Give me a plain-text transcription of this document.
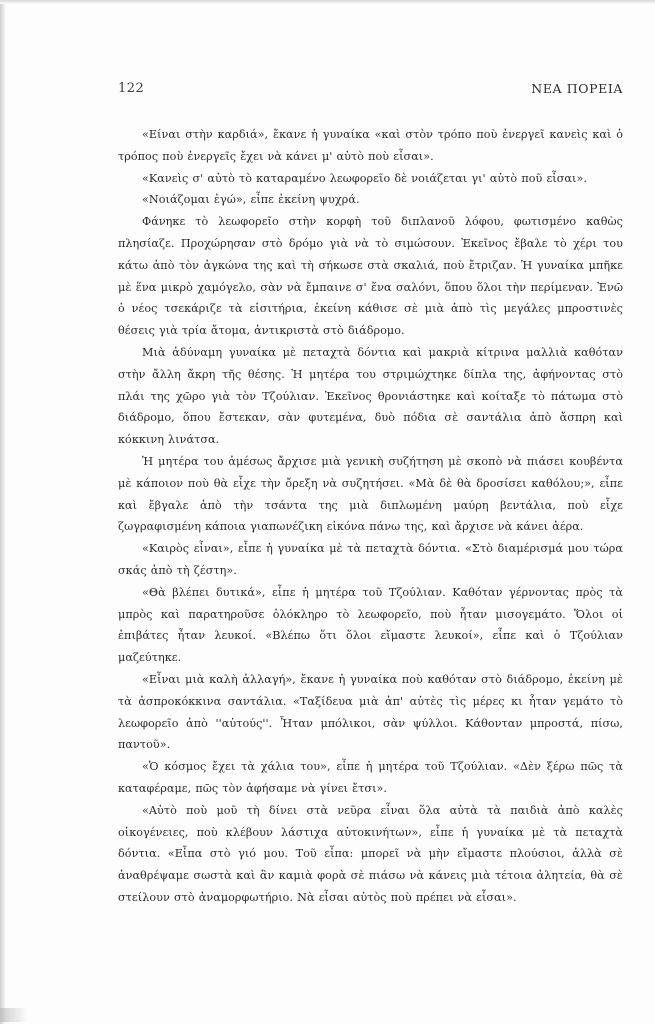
122	ΝΕΑ ΠΟΡΕΙΑ

«Είναι στὴν καρδιά», ἔκανε ἡ γυναίκα «καὶ στὸν τρόπο ποὺ ἐνεργεῖ κανεὶς καὶ ὁ τρόπος ποὺ ἐνεργεῖς ἔχει νὰ κάνει μ' αὐτὸ ποὺ εἶσαι».

«Κανεὶς σ' αὐτὸ τὸ καταραμένο λεωφορεῖο δὲ νοιάζεται γι' αὐτὸ ποῦ εἶσαι».

«Νοιάζομαι ἐγώ», εἶπε ἐκείνη ψυχρά.

Φάνηκε τὸ λεωφορεῖο στὴν κορφὴ τοῦ διπλανοῦ λόφου, φωτισμένο καθὼς πλησίαζε. Προχώρησαν στὸ δρόμο γιὰ νὰ τὸ σιμώσουν. Ἐκεῖνος ἔβαλε τὸ χέρι του κάτω ἀπὸ τὸν ἀγκώνα της καὶ τὴ σήκωσε στὰ σκαλιά, ποὺ ἔτριζαν. Ἡ γυναίκα μπῆκε μὲ ἕνα μικρὸ χαμόγελο, σὰν νὰ ἔμπαινε σ' ἕνα σαλόνι, ὅπου ὅλοι τὴν περίμεναν. Ἐνῶ ὁ νέος τσεκάριζε τὰ εἰσιτήρια, ἐκείνη κάθισε σὲ μιὰ ἀπὸ τὶς μεγάλες μπροστινὲς θέσεις γιὰ τρία ἄτομα, ἀντικριστὰ στὸ διάδρομο.

Μιὰ ἀδύναμη γυναίκα μὲ πεταχτὰ δόντια καὶ μακριὰ κίτρινα μαλλιὰ καθόταν στὴν ἄλλη ἄκρη τῆς θέσης. Ἡ μητέρα του στριμώχτηκε δίπλα της, ἀφήνοντας στὸ πλάι της χῶρο γιὰ τὸν Τζούλιαν. Ἐκεῖνος θρονιάστηκε καὶ κοίταξε τὸ πάτωμα στὸ διάδρομο, ὅπου ἔστεκαν, σὰν φυτεμένα, δυὸ πόδια σὲ σαντάλια ἀπὸ ἄσπρη καὶ κόκκινη λινάτσα.

Ἡ μητέρα του ἀμέσως ἄρχισε μιὰ γενικὴ συζήτηση μὲ σκοπὸ νὰ πιάσει κουβέντα μὲ κάποιον ποὺ θὰ εἶχε τὴν ὄρεξη νὰ συζητήσει. «Μὰ δὲ θὰ δροσίσει καθόλου;», εἶπε καὶ ἔβγαλε ἀπὸ τὴν τσάντα της μιὰ διπλωμένη μαύρη βεντάλια, ποὺ εἶχε ζωγραφισμένη κάποια γιαπωνέζικη εἰκόνα πάνω της, καὶ ἄρχισε νὰ κάνει ἀέρα.

«Καιρὸς εἶναι», εἶπε ἡ γυναίκα μὲ τὰ πεταχτὰ δόντια. «Στὸ διαμέρισμά μου τώρα σκάς ἀπὸ τὴ ζέστη».

«Θὰ βλέπει δυτικά», εἶπε ἡ μητέρα τοῦ Τζούλιαν. Καθόταν γέρνοντας πρὸς τὰ μπρὸς καὶ παρατηροῦσε ὁλόκληρο τὸ λεωφορεῖο, ποὺ ἦταν μισογεμάτο. Ὅλοι οἱ ἐπιβάτες ἦταν λευκοί. «Βλέπω ὅτι ὅλοι εἴμαστε λευκοί», εἶπε καὶ ὁ Τζούλιαν μαζεύτηκε.

«Εἶναι μιὰ καλὴ ἀλλαγή», ἔκανε ἡ γυναίκα ποὺ καθόταν στὸ διάδρομο, ἐκείνη μὲ τὰ ἀσπροκόκκινα σαντάλια. «Ταξίδευα μιὰ ἀπ' αὐτὲς τὶς μέρες κι ἦταν γεμάτο τὸ λεωφορεῖο ἀπὸ ''αὐτούς''. Ἦταν μπόλικοι, σὰν ψύλλοι. Κάθονταν μπροστά, πίσω, παντοῦ».

«Ὁ κόσμος ἔχει τὰ χάλια του», εἶπε ἡ μητέρα τοῦ Τζούλιαν. «Δὲν ξέρω πῶς τὰ καταφέραμε, πῶς τὸν ἀφήσαμε νὰ γίνει ἔτσι».

«Αὐτὸ ποὺ μοῦ τὴ δίνει στὰ νεῦρα εἶναι ὅλα αὐτὰ τὰ παιδιὰ ἀπὸ καλὲς οἰκογένειες, ποὺ κλέβουν λάστιχα αὐτοκινήτων», εἶπε ἡ γυναίκα μὲ τὰ πεταχτὰ δόντια. «Εἶπα στὸ γιό μου. Τοῦ εἶπα: μπορεῖ νὰ μὴν εἴμαστε πλούσιοι, ἀλλὰ σὲ ἀναθρέψαμε σωστὰ καὶ ἂν καμιὰ φορὰ σὲ πιάσω νὰ κάνεις μιὰ τέτοια ἀλητεία, θὰ σὲ στείλουν στὸ ἀναμορφωτήριο. Νὰ εἶσαι αὐτὸς ποὺ πρέπει νὰ εἶσαι».
